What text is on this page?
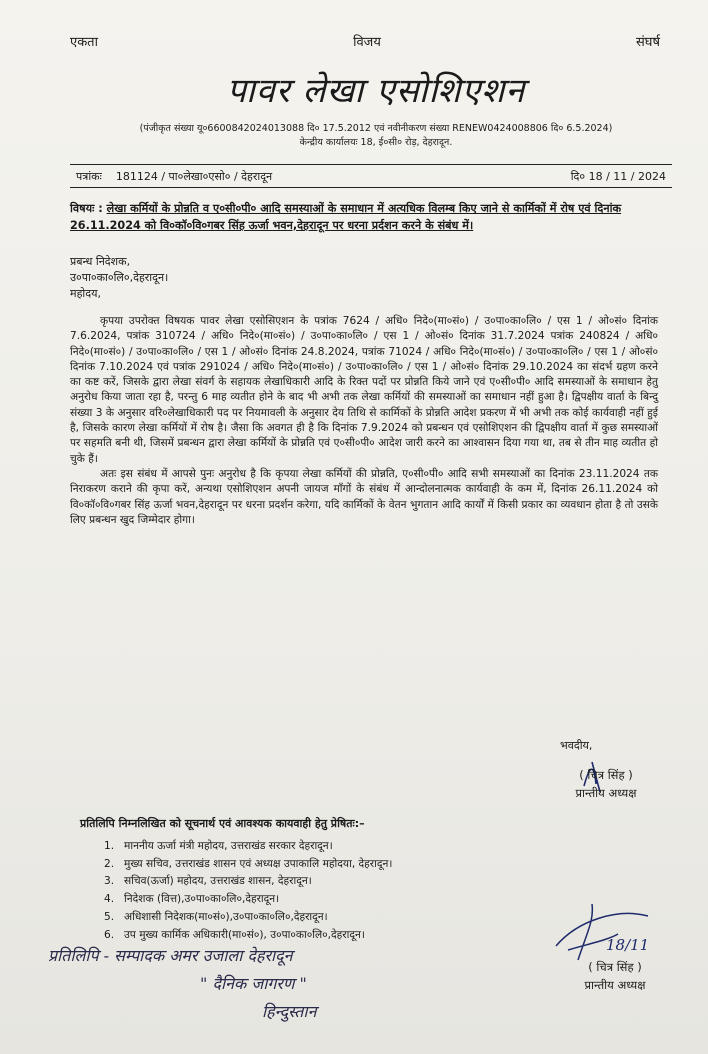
एकता	विजय	संघर्ष
पावर लेखा एसोशिएशन
(पंजीकृत संख्या यू०6600842024013088 दि० 17.5.2012 एवं नवीनीकरण संख्या RENEW0424008806 दि० 6.5.2024)
केन्द्रीय कार्यालयः 18, ई०सी० रोड़, देहरादून.
पत्रांकः 181124 / पा०लेखा०एसो० / देहरादून	दि० 18 / 11 / 2024
विषयः : लेखा कर्मियों के प्रोन्नति व ए०सी०पी० आदि समस्याओं के समाधान में अत्यधिक विलम्ब किए जाने से कार्मिकों में रोष एवं दिनांक 26.11.2024 को वि०कॉ०वि०गबर सिंह ऊर्जा भवन,देहरादून पर धरना प्रर्दशन करने के संबंध में।
प्रबन्ध निदेशक,
उ०पा०का०लि०,देहरादून।
महोदय,

कृपया उपरोक्त विषयक पावर लेखा एसोसिएशन के पत्रांक 7624 / अधि० निदे०(मा०सं०) / उ०पा०का०लि० / एस 1 / ओ०सं० दिनांक 7.6.2024, पत्रांक 310724 / अधि० निदे०(मा०सं०) / उ०पा०का०लि० / एस 1 / ओ०सं० दिनांक 31.7.2024 पत्रांक 240824 / अधि० निदे०(मा०सं०) / उ०पा०का०लि० / एस 1 / ओ०सं० दिनांक 24.8.2024, पत्रांक 71024 / अधि० निदे०(मा०सं०) / उ०पा०का०लि० / एस 1 / ओ०सं० दिनांक 7.10.2024 एवं पत्रांक 291024 / अधि० निदे०(मा०सं०) / उ०पा०का०लि० / एस 1 / ओ०सं० दिनांक 29.10.2024 का संदर्भ ग्रहण करने का कष्ट करें, जिसके द्वारा लेखा संवर्ग के सहायक लेखाधिकारी आदि के रिक्त पदों पर प्रोन्नति किये जाने एवं ए०सी०पी० आदि समस्याओं के समाधान हेतु अनुरोध किया जाता रहा है, परन्तु 6 माह व्यतीत होने के बाद भी अभी तक लेखा कर्मियों की समस्याओं का समाधान नहीं हुआ है। द्विपक्षीय वार्ता के बिन्दु संख्या 3 के अनुसार वरि०लेखाधिकारी पद पर नियमावली के अनुसार देय तिथि से कार्मिकों के प्रोन्नति आदेश प्रकरण में भी अभी तक कोई कार्यवाही नहीं हुई है, जिसके कारण लेखा कर्मियों में रोष है। जैसा कि अवगत ही है कि दिनांक 7.9.2024 को प्रबन्धन एवं एसोशिएशन की द्विपक्षीय वार्ता में कुछ समस्याओं पर सहमति बनी थी, जिसमें प्रबन्धन द्वारा लेखा कर्मियों के प्रोन्नति एवं ए०सी०पी० आदेश जारी करने का आश्वासन दिया गया था, तब से तीन माह व्यतीत हो चुके हैं।

अतः इस संबंध में आपसे पुनः अनुरोध है कि कृपया लेखा कर्मियों की प्रोन्नति, ए०सी०पी० आदि सभी समस्याओं का दिनांक 23.11.2024 तक निराकरण कराने की कृपा करें, अन्यथा एसोशिएशन अपनी जायज मॉंगों के संबंध में आन्दोलनात्मक कार्यवाही के कम में, दिनांक 26.11.2024 को वि०कॉ०वि०गबर सिंह ऊर्जा भवन,देहरादून पर धरना प्रदर्शन करेगा, यदि कार्मिकों के वेतन भुगतान आदि कार्यों में किसी प्रकार का व्यवधान होता है तो उसके लिए प्रबन्धन खुद जिम्मेदार होगा।

भवदीय,
( चित्र सिंह )
प्रान्तीय अध्यक्ष
प्रतिलिपि निम्नलिखित को सूचनार्थ एवं आवश्यक कायवाही हेतु प्रेषितः:–
1. माननीय ऊर्जा मंत्री महोदय, उत्तराखंड सरकार देहरादून।
2. मुख्य सचिव, उत्तराखंड शासन एवं अध्यक्ष उपाकालि महोदया, देहरादून।
3. सचिव(ऊर्जा) महोदय, उत्तराखंड शासन, देहरादून।
4. निदेशक (वित्त),उ०पा०का०लि०,देहरादून।
5. अधिशासी निदेशक(मा०सं०),उ०पा०का०लि०,देहरादून।
6. उप मुख्य कार्मिक अधिकारी(मा०सं०), उ०पा०का०लि०,देहरादून।
प्रतिलिपि - सम्पादक अमर उजाला देहरादून
" दैनिक जागरण "
हिन्दुस्तान
18/11
( चित्र सिंह )
प्रान्तीय अध्यक्ष
